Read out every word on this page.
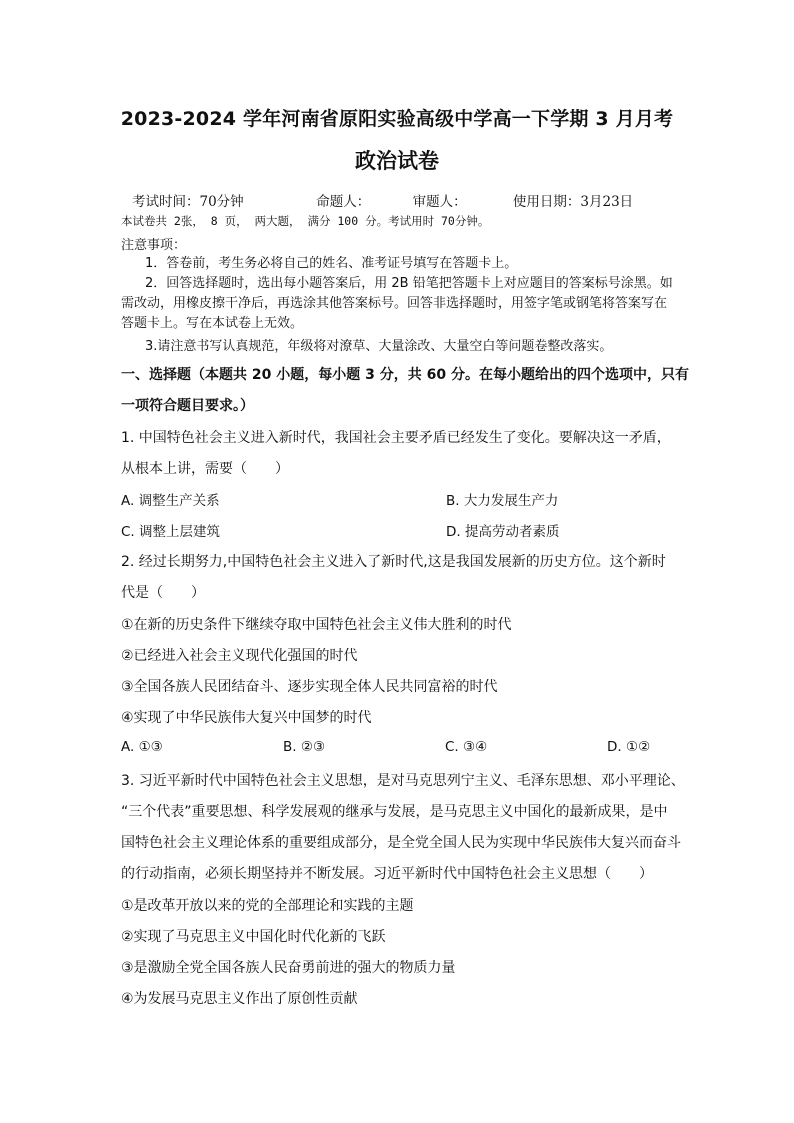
2023-2024 学年河南省原阳实验高级中学高一下学期 3 月月考
政治试卷
考试时间：70分钟	命题人：	审题人：	使用日期：3月23日
本试卷共 2张， 8 页， 两大题， 满分 100 分。考试用时 70分钟。
注意事项：
1．答卷前，考生务必将自己的姓名、准考证号填写在答题卡上。
2．回答选择题时，选出每小题答案后，用 2B 铅笔把答题卡上对应题目的答案标号涂黑。如需改动，用橡皮擦干净后，再选涂其他答案标号。回答非选择题时，用签字笔或钢笔将答案写在答题卡上。写在本试卷上无效。
3.请注意书写认真规范，年级将对潦草、大量涂改、大量空白等问题卷整改落实。
一、选择题（本题共 20 小题，每小题 3 分，共 60 分。在每小题给出的四个选项中，只有
一项符合题目要求。）
1. 中国特色社会主义进入新时代，我国社会主要矛盾已经发生了变化。要解决这一矛盾，
从根本上讲，需要（　　）
A. 调整生产关系	B. 大力发展生产力
C. 调整上层建筑	D. 提高劳动者素质
2. 经过长期努力,中国特色社会主义进入了新时代,这是我国发展新的历史方位。这个新时
代是（　　）
①在新的历史条件下继续夺取中国特色社会主义伟大胜利的时代
②已经进入社会主义现代化强国的时代
③全国各族人民团结奋斗、逐步实现全体人民共同富裕的时代
④实现了中华民族伟大复兴中国梦的时代
A. ①③	B. ②③	C. ③④	D. ①②
3. 习近平新时代中国特色社会主义思想，是对马克思列宁主义、毛泽东思想、邓小平理论、
“三个代表”重要思想、科学发展观的继承与发展，是马克思主义中国化的最新成果，是中
国特色社会主义理论体系的重要组成部分，是全党全国人民为实现中华民族伟大复兴而奋斗
的行动指南，必须长期坚持并不断发展。习近平新时代中国特色社会主义思想（　　）
①是改革开放以来的党的全部理论和实践的主题
②实现了马克思主义中国化时代化新的飞跃
③是激励全党全国各族人民奋勇前进的强大的物质力量
④为发展马克思主义作出了原创性贡献
